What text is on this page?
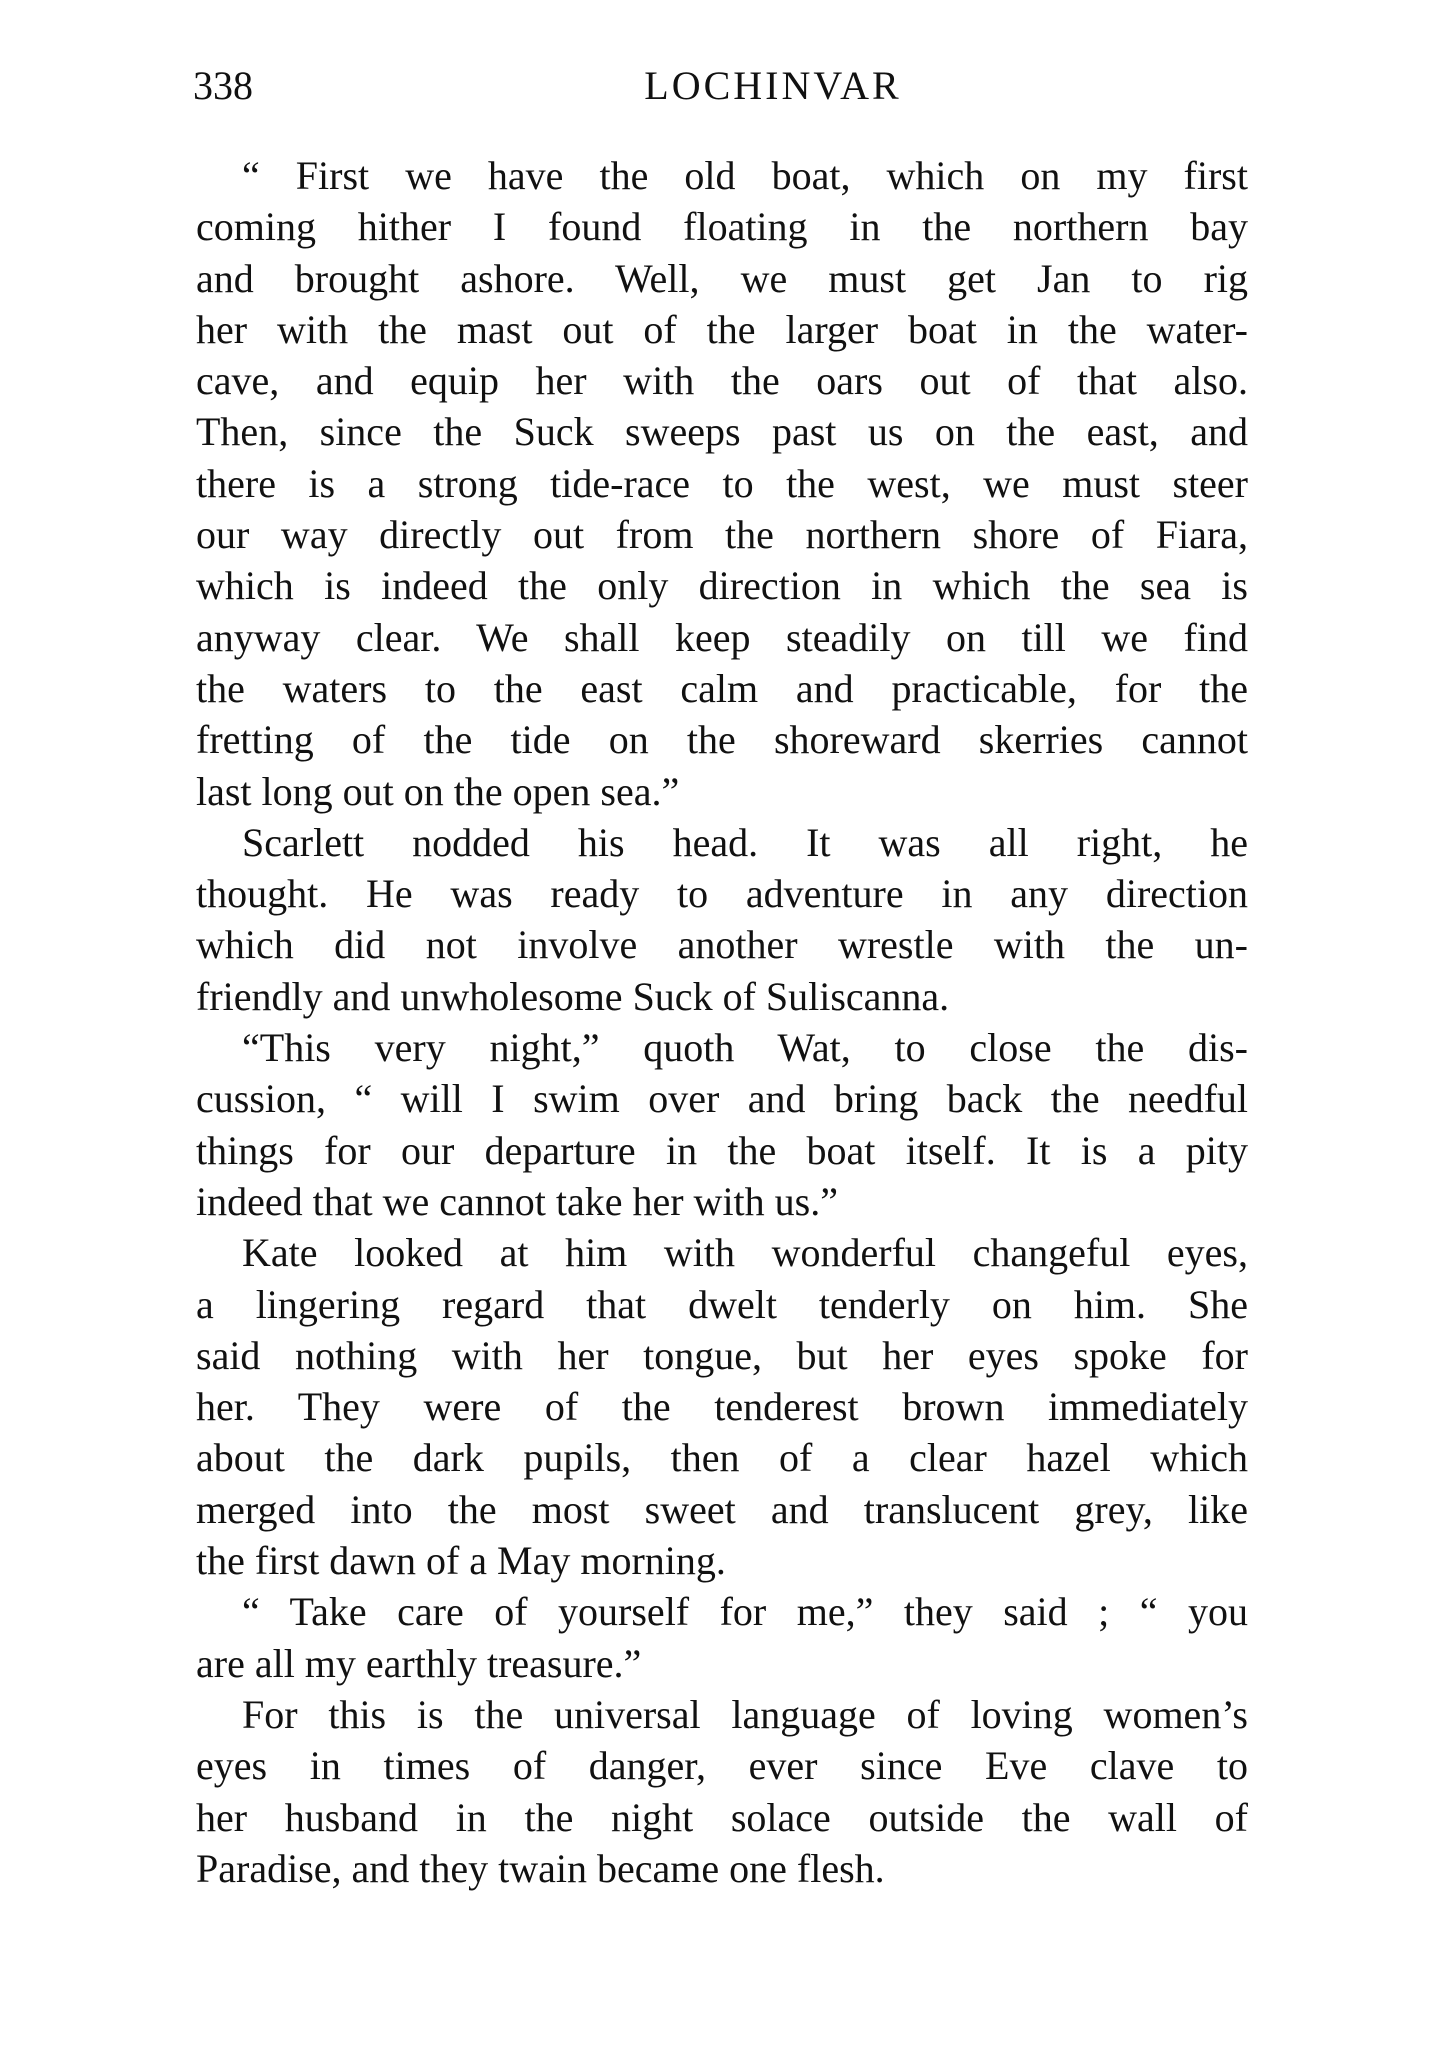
338	LOCHINVAR
“ First we have the old boat, which on my first
coming hither I found floating in the northern bay
and brought ashore. Well, we must get Jan to rig
her with the mast out of the larger boat in the water-
cave, and equip her with the oars out of that also.
Then, since the Suck sweeps past us on the east, and
there is a strong tide-race to the west, we must steer
our way directly out from the northern shore of Fiara,
which is indeed the only direction in which the sea is
anyway clear. We shall keep steadily on till we find
the waters to the east calm and practicable, for the
fretting of the tide on the shoreward skerries cannot
last long out on the open sea.”
Scarlett nodded his head. It was all right, he
thought. He was ready to adventure in any direction
which did not involve another wrestle with the un-
friendly and unwholesome Suck of Suliscanna.
“This very night,” quoth Wat, to close the dis-
cussion, “ will I swim over and bring back the needful
things for our departure in the boat itself. It is a pity
indeed that we cannot take her with us.”
Kate looked at him with wonderful changeful eyes,
a lingering regard that dwelt tenderly on him. She
said nothing with her tongue, but her eyes spoke for
her. They were of the tenderest brown immediately
about the dark pupils, then of a clear hazel which
merged into the most sweet and translucent grey, like
the first dawn of a May morning.
“ Take care of yourself for me,” they said ; “ you
are all my earthly treasure.”
For this is the universal language of loving women’s
eyes in times of danger, ever since Eve clave to
her husband in the night solace outside the wall of
Paradise, and they twain became one flesh.
